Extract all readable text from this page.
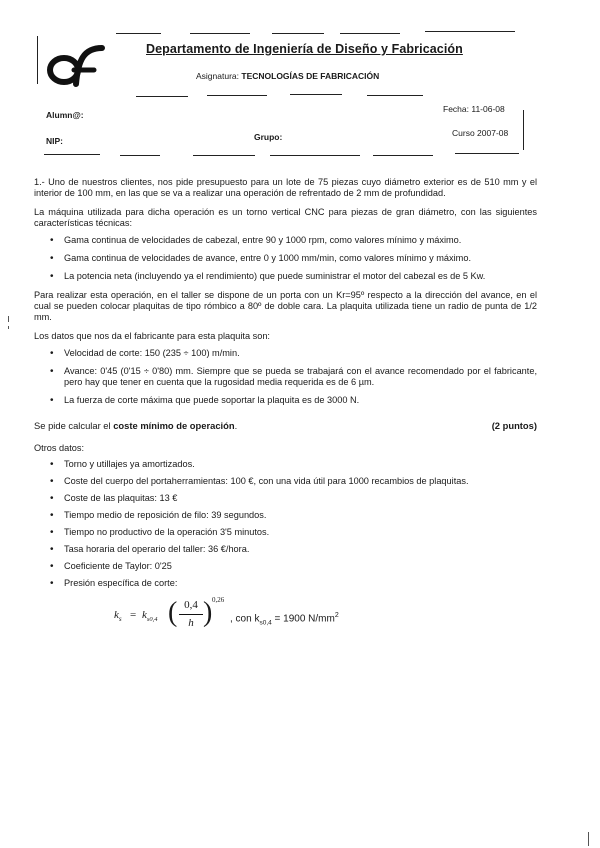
Departamento de Ingeniería de Diseño y Fabricación
Asignatura: TECNOLOGÍAS DE FABRICACIÓN
Alumn@:
Fecha: 11-06-08
NIP:	Grupo:	Curso 2007-08

1.- Uno de nuestros clientes, nos pide presupuesto para un lote de 75 piezas cuyo diámetro exterior es de 510 mm y el interior de 100 mm, en las que se va a realizar una operación de refrentado de 2 mm de profundidad.

La máquina utilizada para dicha operación es un torno vertical CNC para piezas de gran diámetro, con las siguientes características técnicas:

• Gama continua de velocidades de cabezal, entre 90 y 1000 rpm, como valores mínimo y máximo.
• Gama continua de velocidades de avance, entre 0 y 1000 mm/min, como valores mínimo y máximo.
• La potencia neta (incluyendo ya el rendimiento) que puede suministrar el motor del cabezal es de 5 Kw.

Para realizar esta operación, en el taller se dispone de un porta con un Kr=95º respecto a la dirección del avance, en el cual se pueden colocar plaquitas de tipo rómbico a 80º de doble cara. La plaquita utilizada tiene un radio de punta de 1/2 mm.

Los datos que nos da el fabricante para esta plaquita son:

• Velocidad de corte: 150 (235 ÷ 100) m/min.
• Avance: 0'45 (0'15 ÷ 0'80) mm. Siempre que se pueda se trabajará con el avance recomendado por el fabricante, pero hay que tener en cuenta que la rugosidad media requerida es de 6 µm.
• La fuerza de corte máxima que puede soportar la plaquita es de 3000 N.
Se pide calcular el coste mínimo de operación.	(2 puntos)

Otros datos:

• Torno y utillajes ya amortizados.
• Coste del cuerpo del portaherramientas: 100 €, con una vida útil para 1000 recambios de plaquitas.
• Coste de las plaquitas: 13 €
• Tiempo medio de reposición de filo: 39 segundos.
• Tiempo no productivo de la operación 3'5 minutos.
• Tasa horaria del operario del taller: 36 €/hora.
• Coeficiente de Taylor: 0'25
• Presión específica de corte:
$k_s = k_{s0,4}$ ( 0,4
h ) 0,26
, con $k_{s0,4} = 1900$ $N/mm^2$
